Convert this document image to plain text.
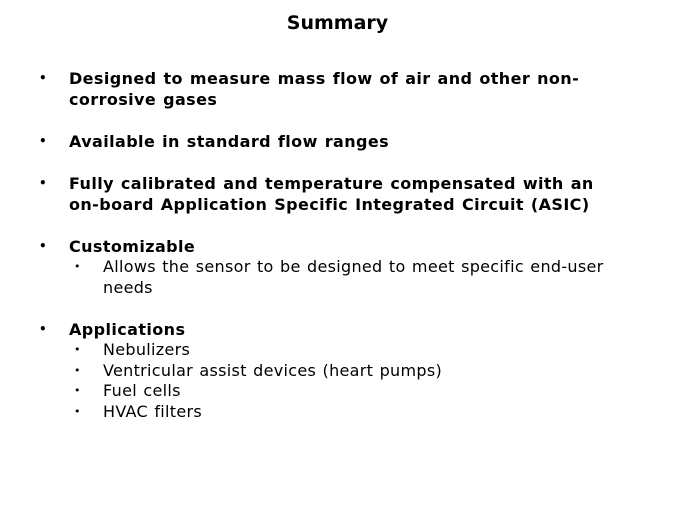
Summary
• Designed to measure mass flow of air and other non-corrosive gases
• Available in standard flow ranges
• Fully calibrated and temperature compensated with an on-board Application Specific Integrated Circuit (ASIC)
• Customizable
• Allows the sensor to be designed to meet specific end-user needs
• Applications
• Nebulizers
• Ventricular assist devices (heart pumps)
• Fuel cells
• HVAC filters
